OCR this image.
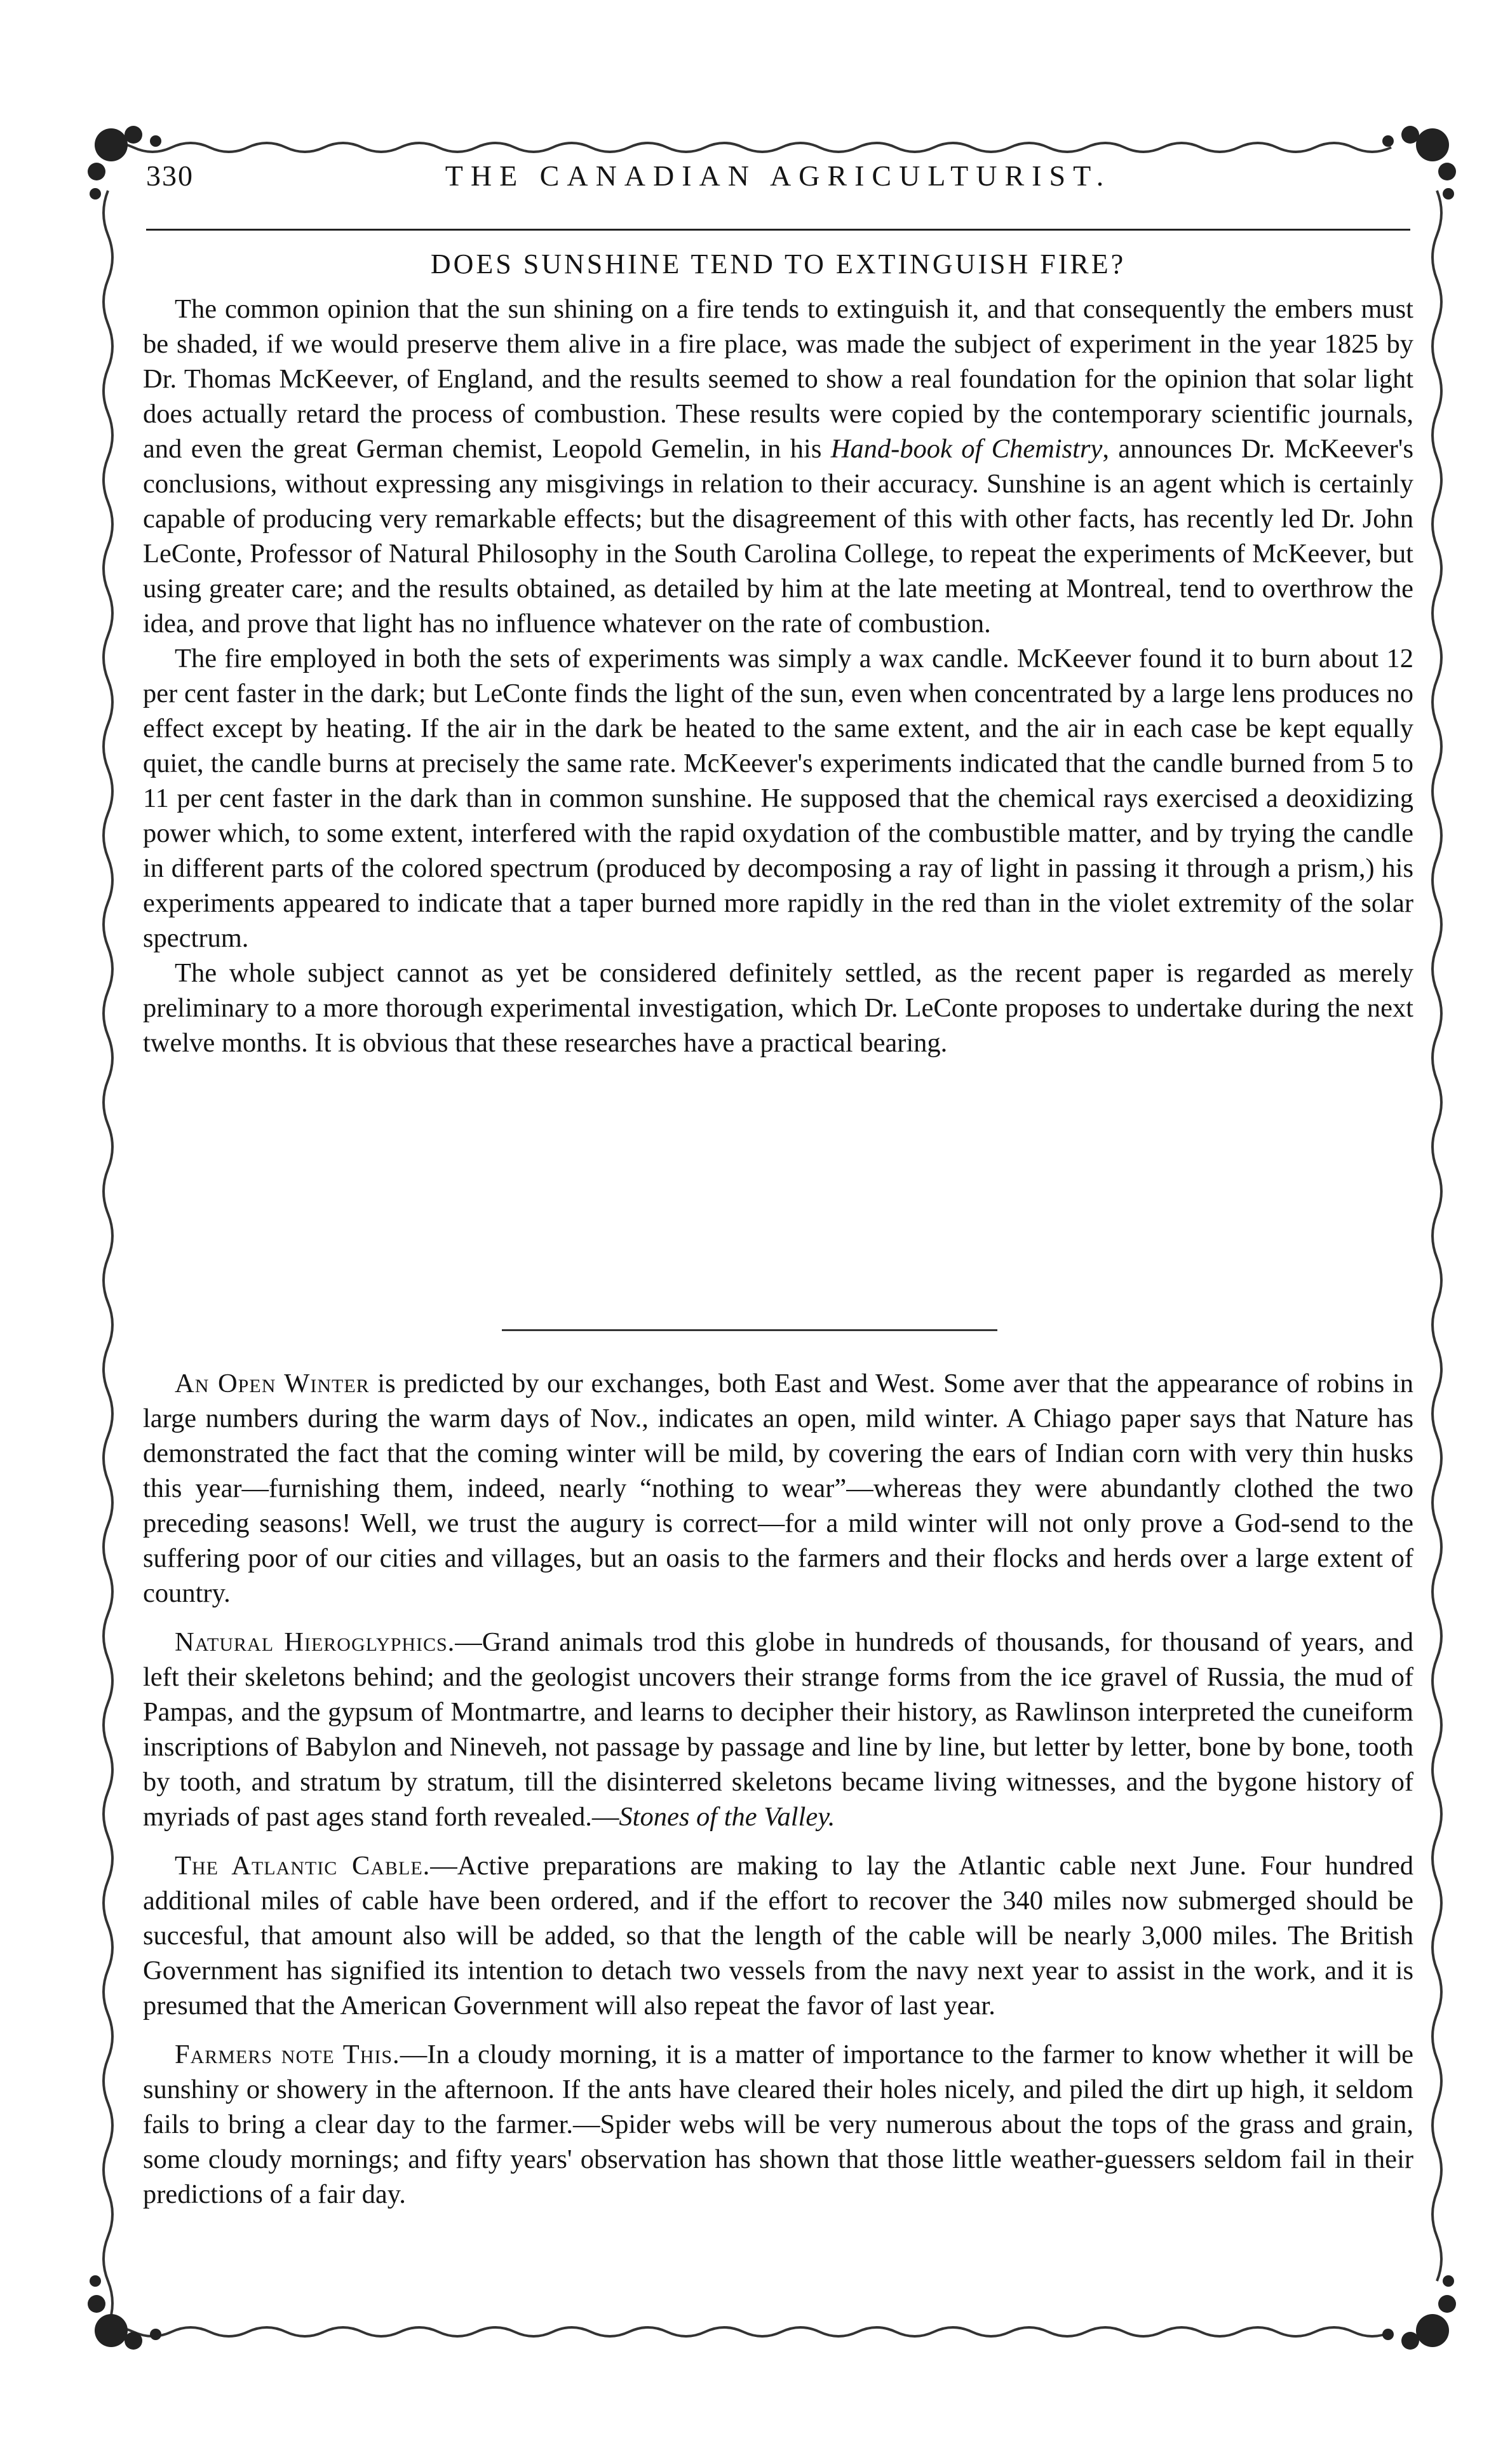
330	THE CANADIAN AGRICULTURIST.
DOES SUNSHINE TEND TO EXTINGUISH FIRE?

The common opinion that the sun shining on a fire tends to extinguish it, and that consequently the embers must be shaded, if we would preserve them alive in a fire place, was made the subject of experiment in the year 1825 by Dr. Thomas McKeever, of England, and the results seemed to show a real foundation for the opinion that solar light does actually retard the process of combustion. These results were copied by the contemporary scientific journals, and even the great German chemist, Leopold Gemelin, in his Hand-book of Chemistry, announces Dr. McKeever's conclusions, without expressing any misgivings in relation to their accuracy. Sunshine is an agent which is certainly capable of producing very remarkable effects; but the disagreement of this with other facts, has recently led Dr. John LeConte, Professor of Natural Philosophy in the South Carolina College, to repeat the experiments of McKeever, but using greater care; and the results obtained, as detailed by him at the late meeting at Montreal, tend to overthrow the idea, and prove that light has no influence whatever on the rate of combustion.

The fire employed in both the sets of experiments was simply a wax candle. McKeever found it to burn about 12 per cent faster in the dark; but LeConte finds the light of the sun, even when concentrated by a large lens produces no effect except by heating. If the air in the dark be heated to the same extent, and the air in each case be kept equally quiet, the candle burns at precisely the same rate. McKeever's experiments indicated that the candle burned from 5 to 11 per cent faster in the dark than in common sunshine. He supposed that the chemical rays exercised a deoxidizing power which, to some extent, interfered with the rapid oxydation of the combustible matter, and by trying the candle in different parts of the colored spectrum (produced by decomposing a ray of light in passing it through a prism,) his experiments appeared to indicate that a taper burned more rapidly in the red than in the violet extremity of the solar spectrum.

The whole subject cannot as yet be considered definitely settled, as the recent paper is regarded as merely preliminary to a more thorough experimental investigation, which Dr. LeConte proposes to undertake during the next twelve months. It is obvious that these researches have a practical bearing.

An Open Winter is predicted by our exchanges, both East and West. Some aver that the appearance of robins in large numbers during the warm days of Nov., indicates an open, mild winter. A Chiago paper says that Nature has demonstrated the fact that the coming winter will be mild, by covering the ears of Indian corn with very thin husks this year—furnishing them, indeed, nearly “nothing to wear”—whereas they were abundantly clothed the two preceding seasons! Well, we trust the augury is correct—for a mild winter will not only prove a God-send to the suffering poor of our cities and villages, but an oasis to the farmers and their flocks and herds over a large extent of country.

Natural Hieroglyphics.—Grand animals trod this globe in hundreds of thousands, for thousand of years, and left their skeletons behind; and the geologist uncovers their strange forms from the ice gravel of Russia, the mud of Pampas, and the gypsum of Montmartre, and learns to decipher their history, as Rawlinson interpreted the cuneiform inscriptions of Babylon and Nineveh, not passage by passage and line by line, but letter by letter, bone by bone, tooth by tooth, and stratum by stratum, till the disinterred skeletons became living witnesses, and the bygone history of myriads of past ages stand forth revealed.—Stones of the Valley.

The Atlantic Cable.—Active preparations are making to lay the Atlantic cable next June. Four hundred additional miles of cable have been ordered, and if the effort to recover the 340 miles now submerged should be succesful, that amount also will be added, so that the length of the cable will be nearly 3,000 miles. The British Government has signified its intention to detach two vessels from the navy next year to assist in the work, and it is presumed that the American Government will also repeat the favor of last year.

Farmers note This.—In a cloudy morning, it is a matter of importance to the farmer to know whether it will be sunshiny or showery in the afternoon. If the ants have cleared their holes nicely, and piled the dirt up high, it seldom fails to bring a clear day to the farmer.—Spider webs will be very numerous about the tops of the grass and grain, some cloudy mornings; and fifty years' observation has shown that those little weather-guessers seldom fail in their predictions of a fair day.
